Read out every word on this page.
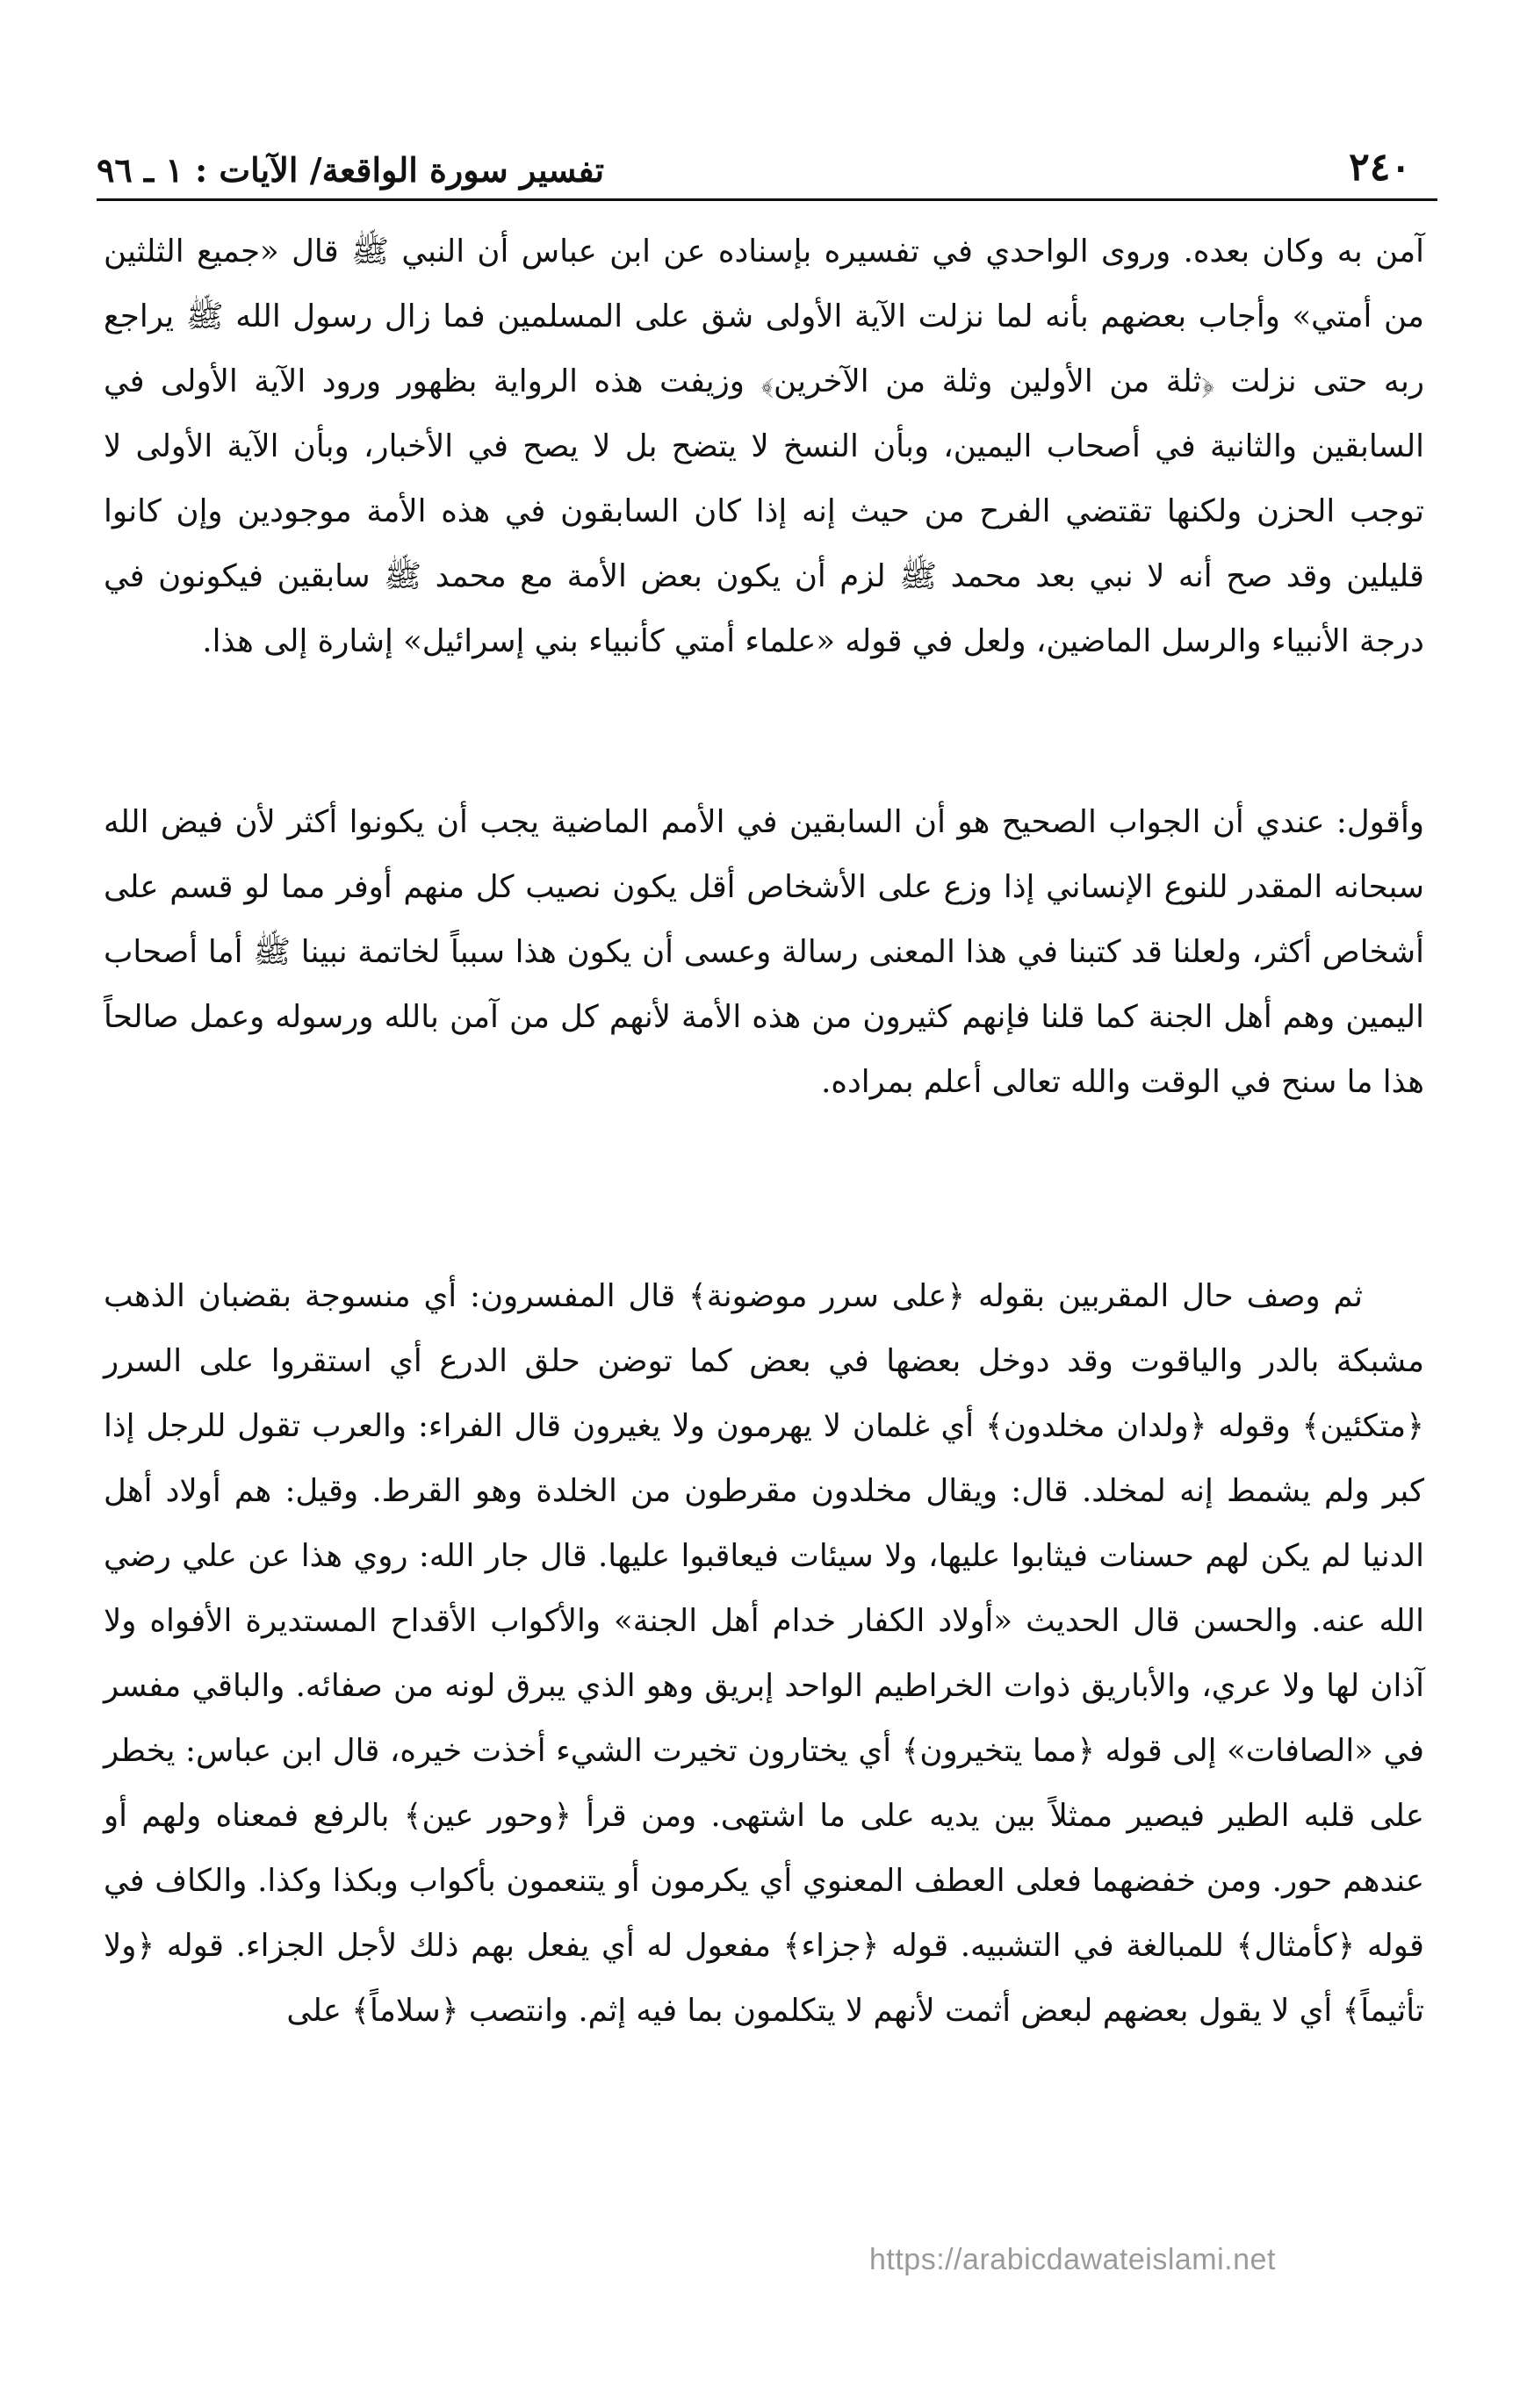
٢٤٠
تفسير سورة الواقعة/ الآيات : ١ ـ ٩٦

آمن به وكان بعده. وروى الواحدي في تفسيره بإسناده عن ابن عباس أن النبي ﷺ قال «جميع الثلثين من أمتي» وأجاب بعضهم بأنه لما نزلت الآية الأولى شق على المسلمين فما زال رسول الله ﷺ يراجع ربه حتى نزلت ﴿ثلة من الأولين وثلة من الآخرين﴾ وزيفت هذه الرواية بظهور ورود الآية الأولى في السابقين والثانية في أصحاب اليمين، وبأن النسخ لا يتضح بل لا يصح في الأخبار، وبأن الآية الأولى لا توجب الحزن ولكنها تقتضي الفرح من حيث إنه إذا كان السابقون في هذه الأمة موجودين وإن كانوا قليلين وقد صح أنه لا نبي بعد محمد ﷺ لزم أن يكون بعض الأمة مع محمد ﷺ سابقين فيكونون في درجة الأنبياء والرسل الماضين، ولعل في قوله «علماء أمتي كأنبياء بني إسرائيل» إشارة إلى هذا.

وأقول: عندي أن الجواب الصحيح هو أن السابقين في الأمم الماضية يجب أن يكونوا أكثر لأن فيض الله سبحانه المقدر للنوع الإنساني إذا وزع على الأشخاص أقل يكون نصيب كل منهم أوفر مما لو قسم على أشخاص أكثر، ولعلنا قد كتبنا في هذا المعنى رسالة وعسى أن يكون هذا سبباً لخاتمة نبينا ﷺ أما أصحاب اليمين وهم أهل الجنة كما قلنا فإنهم كثيرون من هذه الأمة لأنهم كل من آمن بالله ورسوله وعمل صالحاً هذا ما سنح في الوقت والله تعالى أعلم بمراده.

ثم وصف حال المقربين بقوله ﴿على سرر موضونة﴾ قال المفسرون: أي منسوجة بقضبان الذهب مشبكة بالدر والياقوت وقد دوخل بعضها في بعض كما توضن حلق الدرع أي استقروا على السرر ﴿متكئين﴾ وقوله ﴿ولدان مخلدون﴾ أي غلمان لا يهرمون ولا يغيرون قال الفراء: والعرب تقول للرجل إذا كبر ولم يشمط إنه لمخلد. قال: ويقال مخلدون مقرطون من الخلدة وهو القرط. وقيل: هم أولاد أهل الدنيا لم يكن لهم حسنات فيثابوا عليها، ولا سيئات فيعاقبوا عليها. قال جار الله: روي هذا عن علي رضي الله عنه. والحسن قال الحديث «أولاد الكفار خدام أهل الجنة» والأكواب الأقداح المستديرة الأفواه ولا آذان لها ولا عري، والأباريق ذوات الخراطيم الواحد إبريق وهو الذي يبرق لونه من صفائه. والباقي مفسر في «الصافات» إلى قوله ﴿مما يتخيرون﴾ أي يختارون تخيرت الشيء أخذت خيره، قال ابن عباس: يخطر على قلبه الطير فيصير ممثلاً بين يديه على ما اشتهى. ومن قرأ ﴿وحور عين﴾ بالرفع فمعناه ولهم أو عندهم حور. ومن خفضهما فعلى العطف المعنوي أي يكرمون أو يتنعمون بأكواب وبكذا وكذا. والكاف في قوله ﴿كأمثال﴾ للمبالغة في التشبيه. قوله ﴿جزاء﴾ مفعول له أي يفعل بهم ذلك لأجل الجزاء. قوله ﴿ولا تأثيماً﴾ أي لا يقول بعضهم لبعض أثمت لأنهم لا يتكلمون بما فيه إثم. وانتصب ﴿سلاماً﴾ على

https://arabicdawateislami.net
